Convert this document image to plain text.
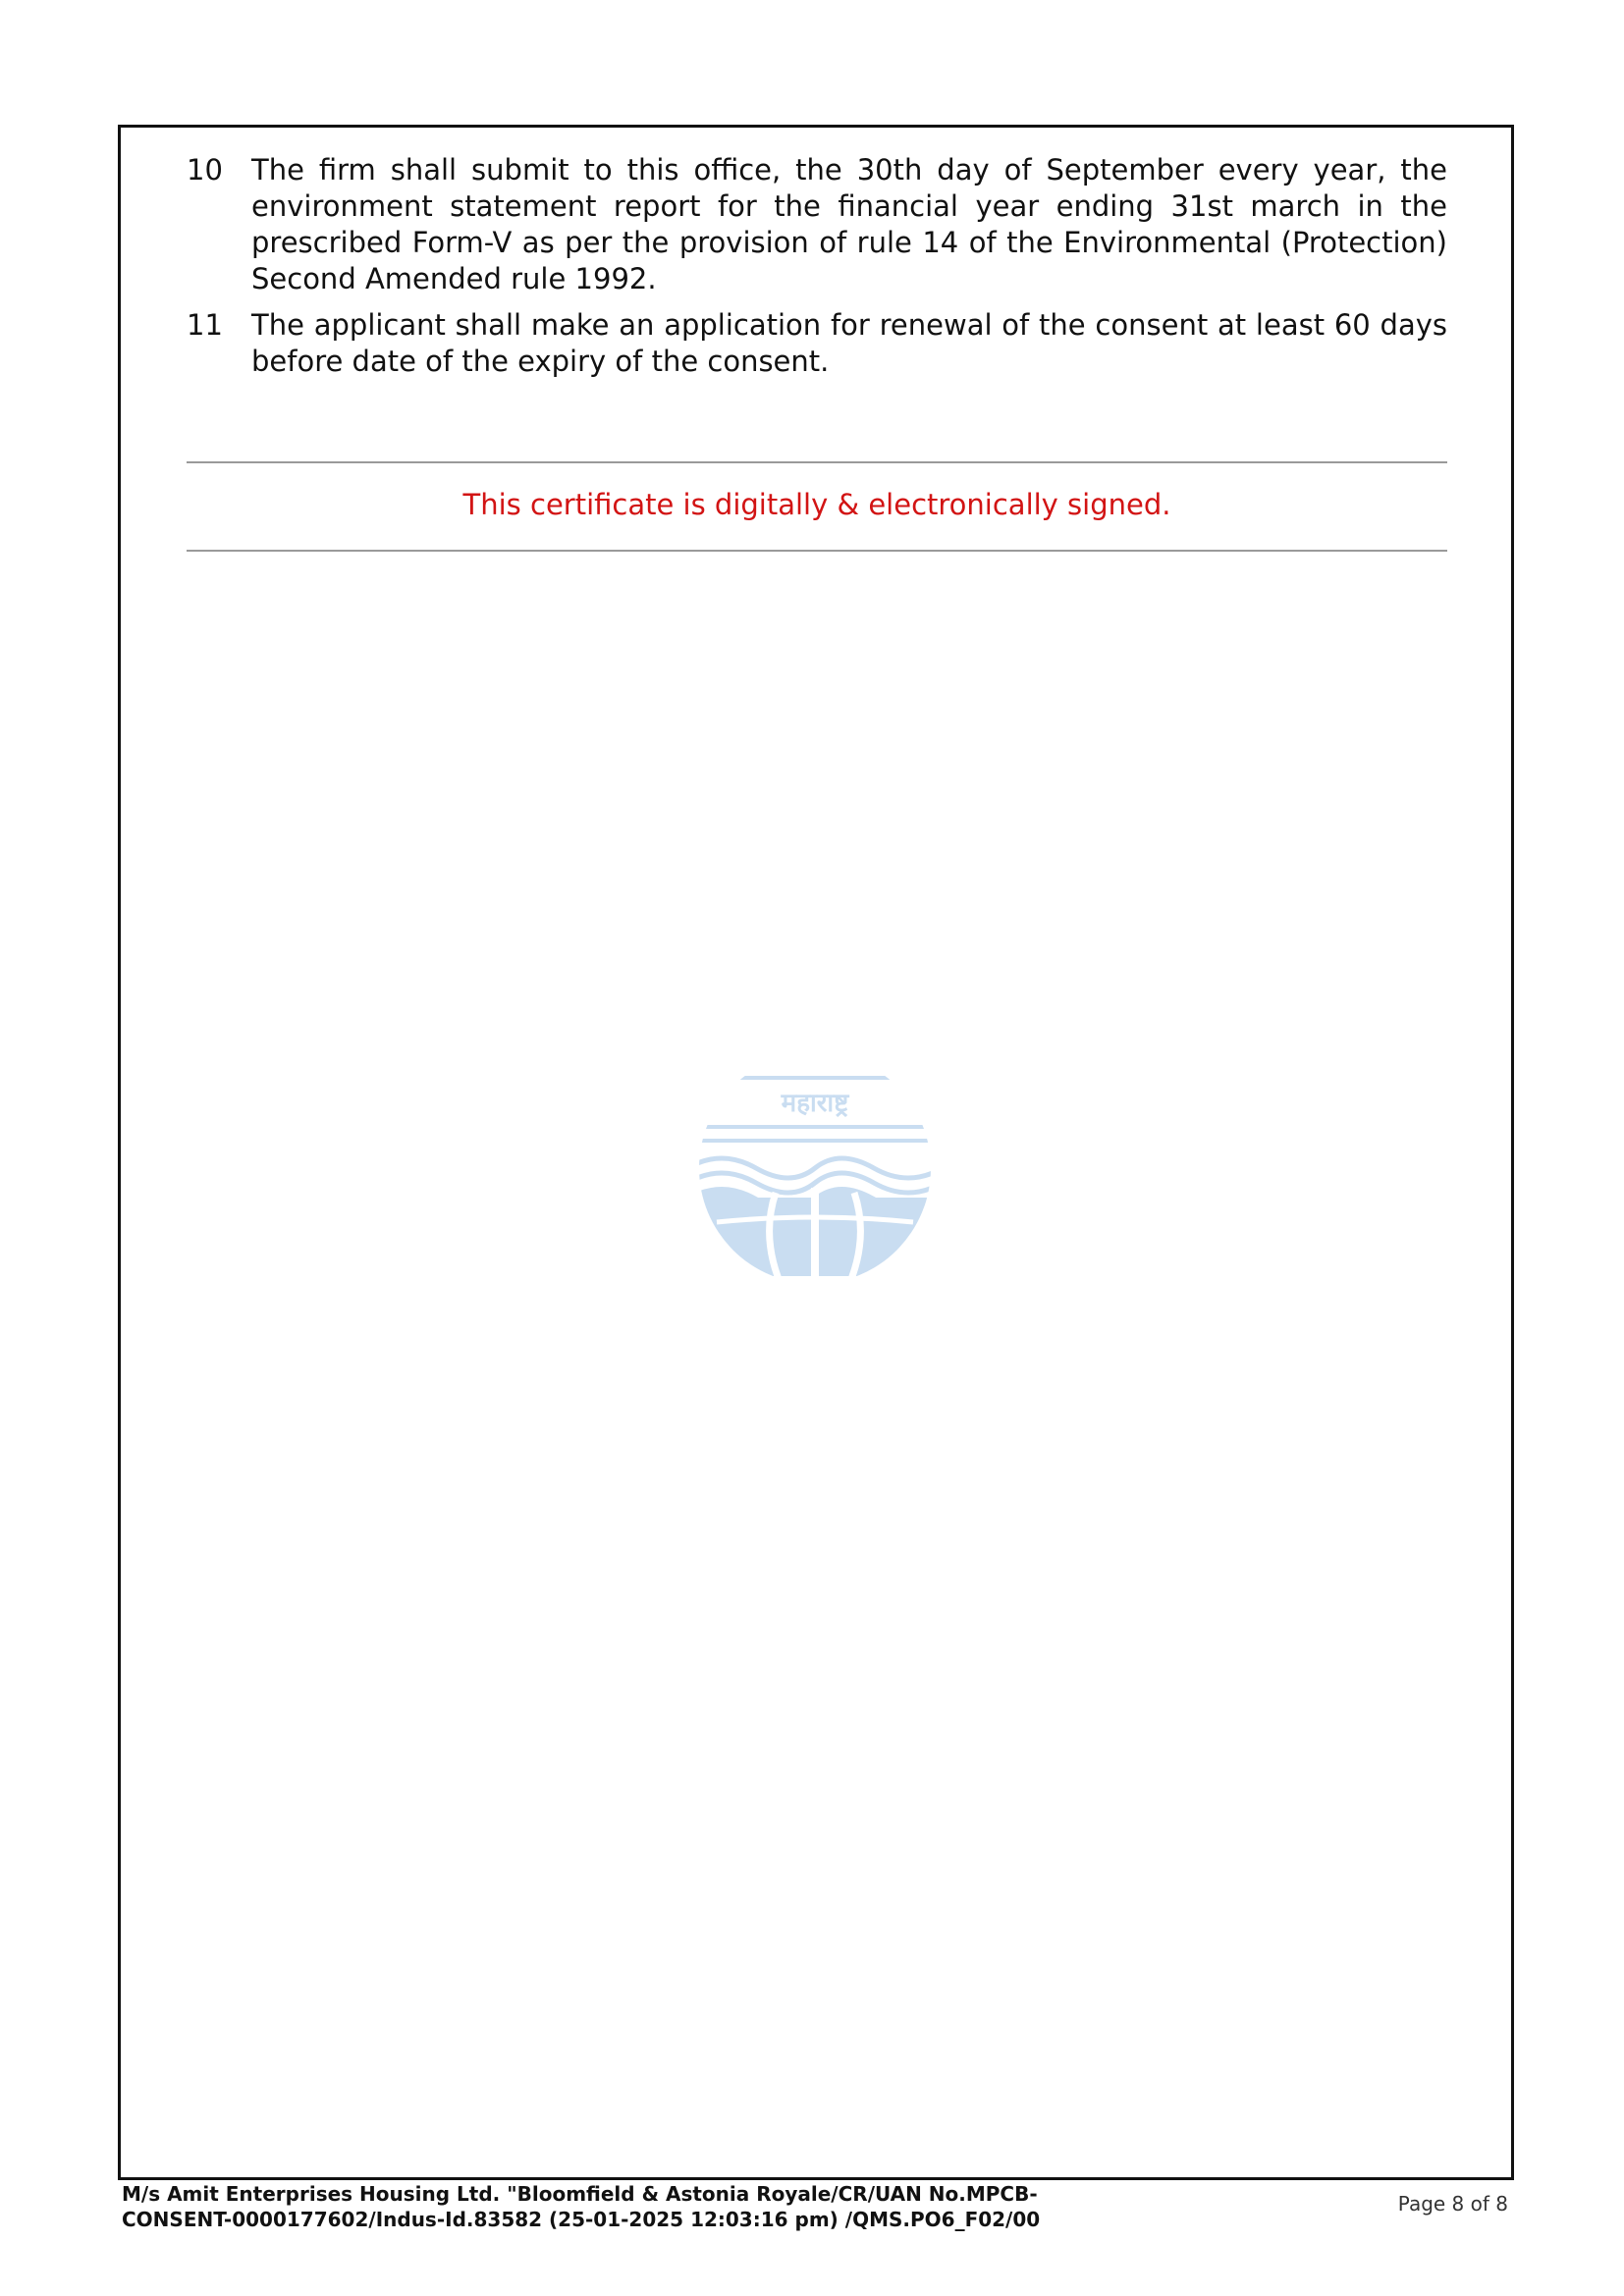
10	The firm shall submit to this office, the 30th day of September every year, the environment statement report for the financial year ending 31st march in the prescribed Form-V as per the provision of rule 14 of the Environmental (Protection) Second Amended rule 1992.
11	The applicant shall make an application for renewal of the consent at least 60 days before date of the expiry of the consent.
This certificate is digitally & electronically signed.
महाराष्ट्र
M/s Amit Enterprises Housing Ltd. "Bloomfield & Astonia Royale/CR/UAN No.MPCB-
CONSENT-0000177602/Indus-Id.83582 (25-01-2025 12:03:16 pm) /QMS.PO6_F02/00
Page 8 of 8
